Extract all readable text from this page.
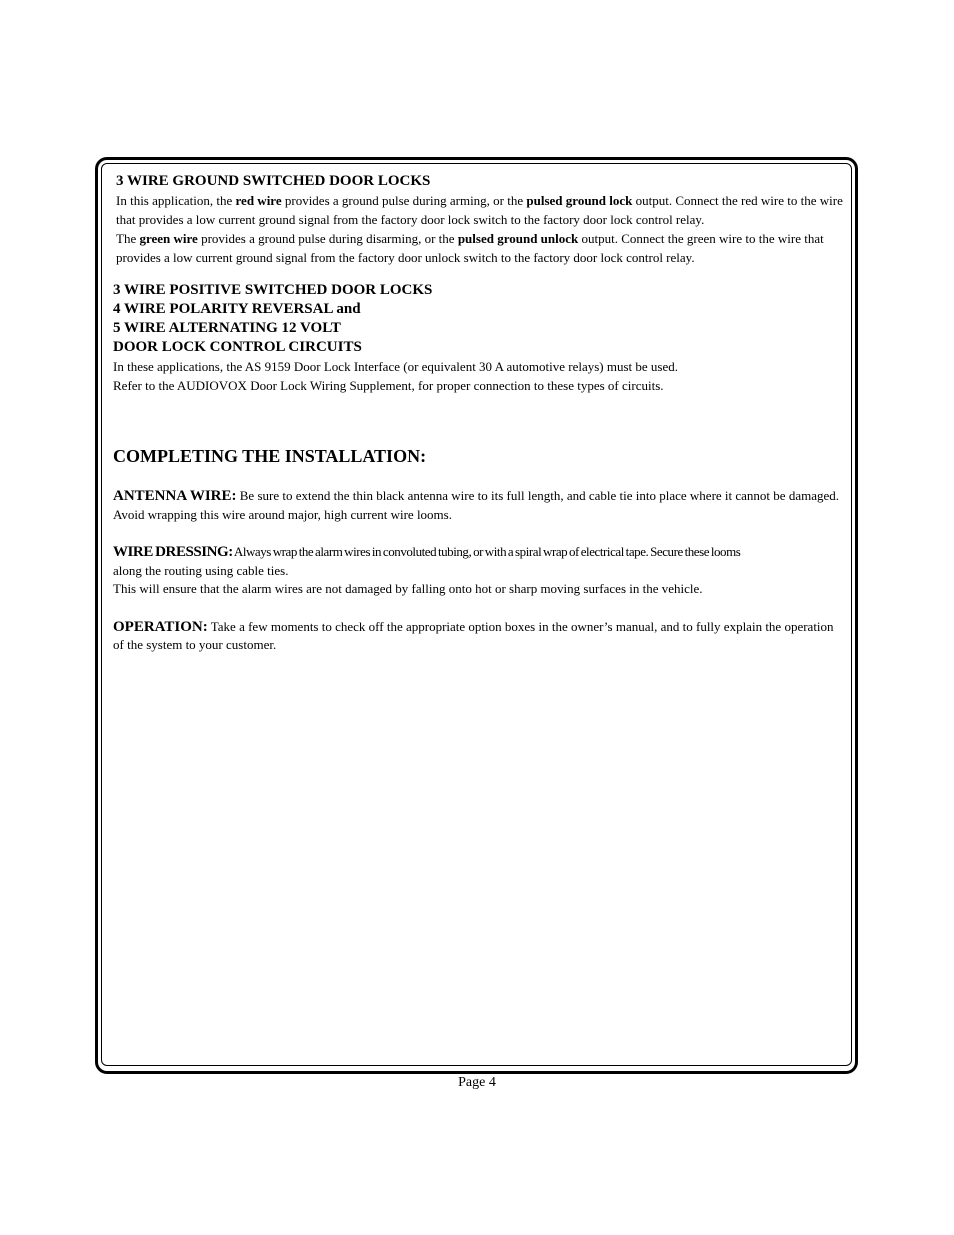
3 WIRE GROUND SWITCHED DOOR LOCKS

In this application, the red wire provides a ground pulse during arming, or the pulsed ground lock output. Connect the red wire to the wire that provides a low current ground signal from the factory door lock switch to the factory door lock control relay.

The green wire provides a ground pulse during disarming, or the pulsed ground unlock output. Connect the green wire to the wire that provides a low current ground signal from the factory door unlock switch to the factory door lock control relay.

3 WIRE POSITIVE SWITCHED DOOR LOCKS

4 WIRE POLARITY REVERSAL and

5 WIRE ALTERNATING 12 VOLT

DOOR LOCK CONTROL CIRCUITS

In these applications, the AS 9159 Door Lock Interface (or equivalent 30 A automotive relays) must be used.

Refer to the AUDIOVOX Door Lock Wiring Supplement, for proper connection to these types of circuits.

COMPLETING THE INSTALLATION:

ANTENNA WIRE: Be sure to extend the thin black antenna wire to its full length, and cable tie into place where it cannot be damaged. Avoid wrapping this wire around major, high current wire looms.

WIRE DRESSING: Always wrap the alarm wires in convoluted tubing, or with a spiral wrap of electrical tape. Secure these looms
along the routing using cable ties.
This will ensure that the alarm wires are not damaged by falling onto hot or sharp moving surfaces in the vehicle.

OPERATION: Take a few moments to check off the appropriate option boxes in the owner’s manual, and to fully explain the operation of the system to your customer.

Page 4
